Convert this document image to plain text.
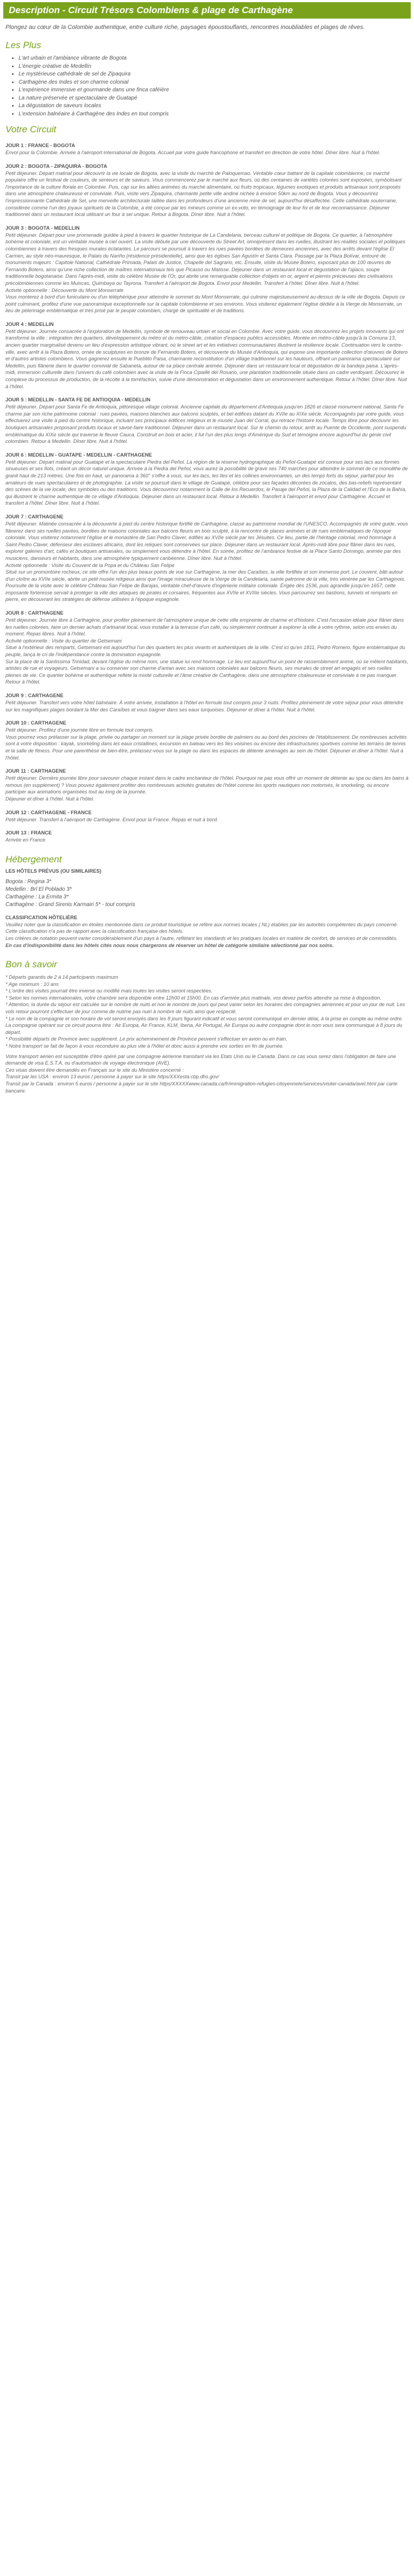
Description - Circuit Trésors Colombiens & plage de Carthagène

Plongez au cœur de la Colombie authentique, entre culture riche, paysages époustouflants, rencontres inoubliables et plages de rêves.

Les Plus
• L'art urbain et l'ambiance vibrante de Bogota
• L'énergie créative de Medellín
• Le mystérieuse cathédrale de sel de Zipaquira
• Carthagène des Indes et son charme colonial
• L'expérience immersive et gourmande dans une finca caféière
• La nature préservée et spectaculaire de Guatapé
• La dégustation de saveurs locales
• L'extension balnéaire à Carthagène des Indes en tout compris
Votre Circuit

JOUR 1 : FRANCE - BOGOTA

Envol pour la Colombie. Arrivée à l'aéroport international de Bogota. Accueil par votre guide francophone et transfert en direction de votre hôtel. Dîner libre. Nuit à l'hôtel.

JOUR 2 : BOGOTA - ZIPAQUIRA - BOGOTA

Petit déjeuner. Départ matinal pour découvrir la vie locale de Bogota, avec la visite du marché de Paloquemao. Véritable cœur battant de la capitale colombienne, ce marché populaire offre un festival de couleurs, de senteurs et de saveurs. Vous commencerez par le marché aux fleurs, où des centaines de variétés colorées sont exposées, symbolisant l'importance de la culture florale en Colombie. Puis, cap sur les allées animées du marché alimentaire, où fruits tropicaux, légumes exotiques et produits artisanaux sont proposés dans une atmosphère chaleureuse et conviviale. Puis, visite vers Zipaquira, charmante petite ville andine nichée à environ 50km au nord de Bogota. Vous y découvrirez l'impressionnante Cathédrale de Sel, une merveille architecturale taillée dans les profondeurs d'une ancienne mine de sel, aujourd'hui désaffectée. Cette cathédrale souterraine, considérée comme l'un des joyaux spirituels de la Colombie, a été conçue par les mineurs comme un ex-voto, en témoignage de leur foi et de leur reconnaissance. Déjeuner traditionnel dans un restaurant local utilisant un four à sel unique. Retour à Bogota. Dîner libre. Nuit à l'hôtel.

JOUR 3 : BOGOTA - MEDELLIN

Petit déjeuner. Départ pour une promenade guidée à pied à travers le quartier historique de La Candelaria, berceau culturel et politique de Bogota. Ce quartier, à l'atmosphère bohème et coloniale, est un véritable musée à ciel ouvert. La visite débute par une découverte du Street Art, omniprésent dans les ruelles, illustrant les réalités sociales et politiques colombiennes à travers des fresques murales éclatantes. Le parcours se poursuit à travers les rues pavées bordées de demeures anciennes, avec des arrêts devant l'église El Carmen, au style néo-mauresque, le Palais du Nariño (résidence présidentielle), ainsi que les églises San Agustín et Santa Clara. Passage par la Plaza Bolívar, entouré de monuments majeurs : Capitole National, Cathédrale Primada, Palais de Justice, Chapelle del Sagrario, etc. Ensuite, visite du Musée Botero, exposant plus de 100 œuvres de Fernando Botero, ainsi qu'une riche collection de maîtres internationaux tels que Picasso ou Matisse. Déjeuner dans un restaurant local et dégustation de l'ajiaco, soupe traditionnelle bogotanaise. Dans l'après-midi, visite du célèbre Musée de l'Or, qui abrite une remarquable collection d'objets en or, argent et pierres précieuses des civilisations précolombiennes comme les Muiscas, Quimbaya ou Tayrona. Transfert à l'aéroport de Bogota. Envol pour Medellin. Transfert à l'hôtel. Dîner libre. Nuit à l'hôtel.
Activité optionnelle : Découverte du Mont Monserrate
Vous monterez à bord d'un funiculaire ou d'un téléphérique pour atteindre le sommet du Mont Monserrate, qui culmine majestueusement au-dessus de la ville de Bogota. Depuis ce point culminant, profitez d'une vue panoramique exceptionnelle sur la capitale colombienne et ses environs. Vous visiterez également l'église dédiée à la Vierge de Monserrate, un lieu de pèlerinage emblématique et très prisé par le peuple colombien, chargé de spiritualité et de traditions.

JOUR 4 : MEDELLIN

Petit déjeuner. Journée consacrée à l'exploration de Medellín, symbole de renouveau urbain et social en Colombie. Avec votre guide, vous découvrirez les projets innovants qui ont transformé la ville : intégration des quartiers, développement du métro et du métro-câble, création d'espaces publics accessibles. Montée en métro-câble jusqu'à la Comuna 13, ancien quartier marginalisé devenu un lieu d'expression artistique vibrant, où le street art et les initiatives communautaires illustrent la résilience locale. Continuation vers le centre-ville, avec arrêt à la Plaza Botero, ornée de sculptures en bronze de Fernando Botero, et découverte du Musée d'Antioquia, qui expose une importante collection d'œuvres de Botero et d'autres artistes colombiens. Vous gagnerez ensuite le Pueblito Paisa, charmante reconstitution d'un village traditionnel sur les hauteurs, offrant un panorama spectaculaire sur Medellín, puis flânerie dans le quartier convivial de Sabaneta, autour de sa place centrale animée. Déjeuner dans un restaurant local et dégustation de la bandeja paisa. L'après-midi, immersion culturelle dans l'univers du café colombien avec la visite de la Finca Cipaille del Rosario, une plantation traditionnelle située dans un cadre verdoyant. Découvrez le complexe du processus de production, de la récolte à la torréfaction, suivie d'une démonstration et dégustation dans un environnement authentique. Retour à l'hôtel. Dîner libre. Nuit à l'hôtel.

JOUR 5 : MEDELLIN - SANTA FE DE ANTIOQUIA - MEDELLIN

Petit déjeuner. Départ pour Santa Fe de Antioquia, pittoresque village colonial. Ancienne capitale du département d'Antioquia jusqu'en 1826 et classé monument national, Santa Fe charme par son riche patrimoine colonial : rues pavées, maisons blanches aux balcons sculptés, et bel édifices datant du XVIIe au XIXe siècle. Accompagnés par votre guide, vous effectuerez une visite à pied du centre historique, incluant ses principaux édifices religieux et le musée Juan del Corral, qui retrace l'histoire locale. Temps libre pour découvrir les boutiques artisanales proposant produits locaux et savoir-faire traditionnel. Déjeuner dans un restaurant local. Sur le chemin du retour, arrêt au Puente de Occidente, pont suspendu emblématique du XIXe siècle qui traverse le fleuve Cauca. Construit en bois et acier, il fut l'un des plus longs d'Amérique du Sud et témoigne encore aujourd'hui du génie civil colombien. Retour à Medellin. Dîner libre. Nuit à l'hôtel.

JOUR 6 : MEDELLIN - GUATAPE - MEDELLIN - CARTHAGENE

Petit déjeuner. Départ matinal pour Guatapé et la spectaculaire Piedra del Peñol. La région de la réserve hydrographique du Peñol-Guatapé est connue pour ses lacs aux formes sinueuses et ses îlots, créant un décor naturel unique. Arrivée à la Piedra del Peñol, vous aurez la possibilité de gravir ses 740 marches pour atteindre le sommet de ce monolithe de granit haut de 213 mètres. Une fois en haut, un panorama à 360° s'offre à vous, sur les lacs, les îles et les collines environnantes, un des temps forts du séjour, parfait pour les amateurs de vues spectaculaires et de photographie. La visite se poursuit dans le village de Guatapé, célèbre pour ses façades décorées de zócalos, des bas-reliefs représentant des scènes de la vie locale, des symboles ou des traditions. Vous découvrirez notamment la Calle de los Recuerdos, le Pasaje del Peñol, la Plaza de la Calidad et l'Eco de la Bahía, qui illustrent le charme authentique de ce village d'Antioquia. Déjeuner dans un restaurant local. Retour à Medellin. Transfert à l'aéroport et envol pour Carthagène. Accueil et transfert à l'hôtel. Dîner libre. Nuit à l'hôtel.

JOUR 7 : CARTHAGENE

Petit déjeuner. Matinée consacrée à la découverte à pied du centre historique fortifié de Carthagène, classé au patrimoine mondial de l'UNESCO. Accompagnés de votre guide, vous flânerez dans ses ruelles pavées, bordées de maisons coloniales aux balcons fleuris en bois sculpté, à la rencontre de places animées et de rues emblématiques de l'époque coloniale. Vous visiterez notamment l'église et le monastère de San Pedro Claver, édifiés au XVIIe siècle par les Jésuites. Ce lieu, partie de l'héritage colonial, rend hommage à Saint Pedro Claver, défenseur des esclaves africains, dont les reliques sont conservées sur place. Déjeuner dans un restaurant local. Après-midi libre pour flâner dans les rues, explorer galeries d'art, cafés et boutiques artisanales, ou simplement vous détendre à l'hôtel. En soirée, profitez de l'ambiance festive de la Place Santo Domingo, animée par des musiciens, danseurs et habitants, dans une atmosphère typiquement caribéenne. Dîner libre. Nuit à l'hôtel.
Activité optionnelle : Visite du Couvent de la Popa et du Château San Felipe
Situé sur un promontoire rocheux, ce site offre l'un des plus beaux points de vue sur Carthagène, la mer des Caraïbes, la ville fortifiée et son immense port. Le couvent, bâti autour d'un cloître au XVIIe siècle, abrite un petit musée religieux ainsi que l'image miraculeuse de la Vierge de la Candelaria, sainte patronne de la ville, très vénérée par les Carthaginois. Poursuite de la visite avec le célèbre Château San Felipe de Barajas, véritable chef-d'œuvre d'ingénierie militaire coloniale. Érigée dès 1536, puis agrandie jusqu'en 1657, cette imposante forteresse servait à protéger la ville des attaques de pirates et corsaires, fréquentes aux XVIIe et XVIIIe siècles. Vous parcourrez ses bastions, tunnels et remparts en pierre, en découvrant les stratégies de défense utilisées à l'époque espagnole.

JOUR 8 : CARTHAGENE

Petit déjeuner. Journée libre à Carthagène, pour profiter pleinement de l'atmosphère unique de cette ville empreinte de charme et d'histoire. C'est l'occasion idéale pour flâner dans les ruelles colorées, faire un dernier achats d'artisanat local, vous installer à la terrasse d'un café, ou simplement continuer à explorer la ville à votre rythme, selon vos envies du moment. Repas libres. Nuit à l'hôtel.
Activité optionnelle : Visite du quartier de Getsemani
Situé à l'extérieur des remparts, Getsemani est aujourd'hui l'un des quartiers les plus vivants et authentiques de la ville. C'est ici qu'en 1811, Pedro Romero, figure emblématique du peuple, lança le cri de l'indépendance contre la domination espagnole.
Sur la place de la Santissima Trinidad, devant l'église du même nom, une statue lui rend hommage. Le lieu est aujourd'hui un point de rassemblement animé, où se mêlent habitants, artistes de rue et voyageurs. Getsemani a su conserver son charme d'antan avec ses maisons coloniales aux balcons fleuris, ses murales de street art engagés et ses ruelles pleines de vie. Ce quartier bohème et authentique reflète la mixité culturelle et l'âme créative de Carthagène, dans une atmosphère chaleureuse et conviviale à ne pas manquer. Retour à l'hôtel.

JOUR 9 : CARTHAGENE

Petit déjeuner. Transfert vers votre hôtel balnéaire. À votre arrivée, installation à l'hôtel en formule tout compris pour 3 nuits. Profitez pleinement de votre séjour pour vous détendre sur les magnifiques plages bordant la Mer des Caraïbes et vous baigner dans ses eaux turquoises. Déjeuner et dîner à l'hôtel. Nuit à l'hôtel.

JOUR 10 : CARTHAGENE

Petit déjeuner. Profitez d'une journée libre en formule tout compris.
Vous pourrez vous prélasser sur la plage, privée ou partager un moment sur la plage privée bordée de palmiers ou au bord des piscines de l'établissement. De nombreuses activités sont à votre disposition : kayak, snorkeling dans les eaux cristallines, excursion en bateau vers les îles voisines ou encore des infrastructures sportives comme les terrains de tennis et la salle de fitness. Pour une parenthèse de bien-être, prélassez-vous sur la plage ou dans les espaces de détente aménagés au sein de l'hôtel. Déjeuner et dîner à l'hôtel. Nuit à l'hôtel.

JOUR 11 : CARTHAGENE

Petit déjeuner. Dernière journée libre pour savourer chaque instant dans le cadre enchanteur de l'hôtel. Pourquoi ne pas vous offrir un moment de détente au spa ou dans les bains à remous (en supplément) ? Vous pouvez également profiter des nombreuses activités gratuites de l'hôtel comme les sports nautiques non motorisés, le snorkeling, ou encore participer aux animations organisées tout au long de la journée.
Déjeuner et dîner à l'hôtel. Nuit à l'hôtel.

JOUR 12 : CARTHAGENE - FRANCE

Petit déjeuner. Transfert à l'aéroport de Carthagène. Envol pour la France. Repas et nuit à bord.

JOUR 13 : FRANCE

Arrivée en France

Hébergement

LES HÔTELS PRÉVUS (OU SIMILAIRES)

Bogota : Regina 3*

Medellin : Brl El Poblado 3*

Carthagène : La Ermita 3*

Carthagène : Grand Sirenis Karmairi 5* - tout compris

CLASSIFICATION HÔTELIÈRE

Veuillez noter que la classification en étoiles mentionnée dans ce produit touristique se réfère aux normes locales ( NL) établies par les autorités compétentes du pays concerné.

Cette classification n'a pas de rapport avec la classification française des hôtels.

Les critères de notation peuvent varier considérablement d'un pays à l'autre, reflétant les standards et les pratiques locales en matière de confort, de services et de commodités.

En cas d'indisponibilité dans les hôtels cités nous nous chargerons de réserver un hôtel de catégorie similaire sélectionné par nos soins.

Bon à savoir

* Départs garantis de 2 à 14 participants maximum

* Age minimum : 10 ans

* L'ordre des visites pourrait être inversé ou modifié mais toutes les visites seront respectées.

* Selon les normes internationales, votre chambre sera disponible entre 12h00 et 15h00. En cas d'arrivée plus matinale, vos devez parfois attendre sa mise à disposition.

* Attention, la durée du séjour est calculée sur le nombre de nuits et non le nombre de jours qui peut varier selon les horaires des compagnies aériennes et pour un jour de nuit. Les vols retour pourront s'effectuer de jour comme de nuit/ne pas nuiri à nombre de nuits ainsi que respecté.

* Le nom de la compagnie et son horaire de vol seront envoyés dans les 8 jours figurant indicatif et vous seront communiqué en dernier délai, à la prise en compte au même ordre. La compagnie opérant sur ce circuit pourra être : Air Europa, Air France, KLM, Iberia, Air Portugal, Air Europa ou autre compagnie dont le nom vous sera communiqué à 8 jours du départ.

* Possibilité départs de Province avec supplément. Le prix acheminement de Province peuvent s'effectuer en avion ou en train.

* Notre transport se fait de façon à vous reconduire au plus vite à l'hôtel et donc aussi à prendre vos sorties en fin de journée.

Votre transport aérien est susceptible d'être opéré par une compagnie aérienne transitant via les Etats Unis ou le Canada. Dans ce cas vous serez dans l'obligation de faire une demande de visa E.S.T.A. ou d'autorisation de voyage électronique (AVE).

Ces visas doivent être demandés en Français sur le site du Ministère concerné :

Transit par les USA : environ 13 euros / personne à payer sur le site https/XXXesta.cbp.dhs.gov/

Transit par le Canada : environ 5 euros / personne à payer sur le site https/XXXXXwww.canada.ca/fr/immigration-refugies-citoyennete/services/visiter-canada/avel.html par carte bancaire.
